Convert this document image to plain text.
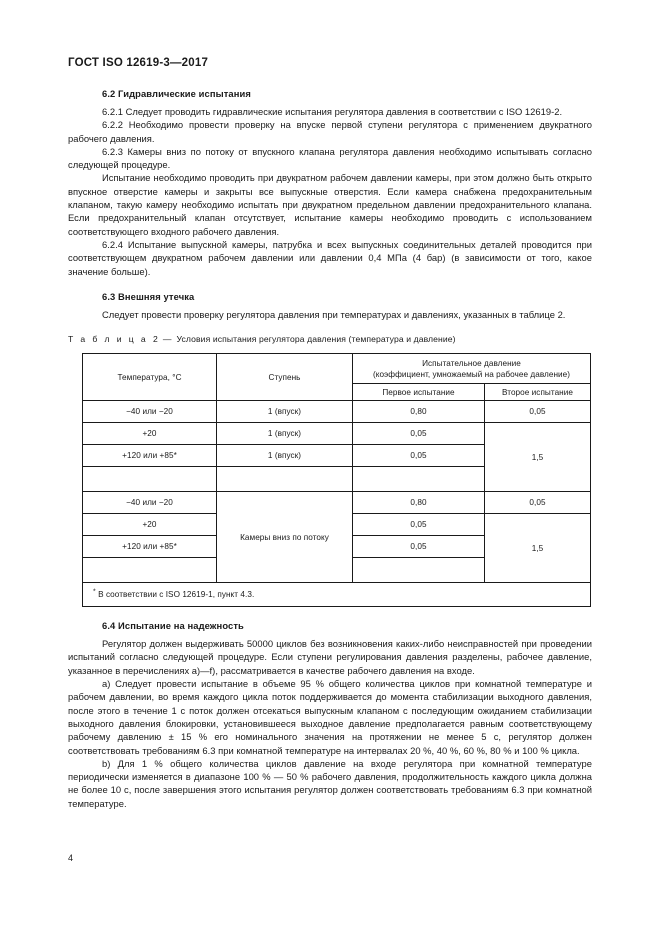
ГОСТ ISO 12619-3—2017
6.2 Гидравлические испытания

6.2.1 Следует проводить гидравлические испытания регулятора давления в соответствии с ISO 12619-2.

6.2.2 Необходимо провести проверку на впуске первой ступени регулятора с применением двукратного рабочего давления.

6.2.3 Камеры вниз по потоку от впускного клапана регулятора давления необходимо испытывать согласно следующей процедуре.

Испытание необходимо проводить при двукратном рабочем давлении камеры, при этом должно быть открыто впускное отверстие камеры и закрыты все выпускные отверстия. Если камера снабжена предохранительным клапаном, такую камеру необходимо испытать при двукратном предельном давлении предохранительного клапана. Если предохранительный клапан отсутствует, испытание камеры необходимо проводить с использованием соответствующего входного рабочего давления.

6.2.4 Испытание выпускной камеры, патрубка и всех выпускных соединительных деталей проводится при соответствующем двукратном рабочем давлении или давлении 0,4 МПа (4 бар) (в зависимости от того, какое значение больше).

6.3 Внешняя утечка

Следует провести проверку регулятора давления при температурах и давлениях, указанных в таблице 2.

Т а б л и ц а 2 — Условия испытания регулятора давления (температура и давление)

Температура, °C	Ступень	Испытательное давление
(коэффициент, умножаемый на рабочее давление)	
		Первое испытание	Второе испытание
−40 или −20	1 (впуск)	0,80	0,05
+20	1 (впуск)	0,05	1,5
+120 или +85*	1 (впуск)	0,05	

−40 или −20	Камеры вниз по потоку	0,80	0,05
+20		0,05	1,5
+120 или +85*		0,05	

* В соответствии с ISO 12619-1, пункт 4.3.			
6.4 Испытание на надежность

Регулятор должен выдерживать 50000 циклов без возникновения каких-либо неисправностей при проведении испытаний согласно следующей процедуре. Если ступени регулирования давления разделены, рабочее давление, указанное в перечислениях a)—f), рассматривается в качестве рабочего давления на входе.

a) Следует провести испытание в объеме 95 % общего количества циклов при комнатной температуре и рабочем давлении, во время каждого цикла поток поддерживается до момента стабилизации выходного давления, после этого в течение 1 с поток должен отсекаться выпускным клапаном с последующим ожиданием стабилизации выходного давления блокировки, установившееся выходное давление предполагается равным соответствующему рабочему давлению ± 15 % его номинального значения на протяжении не менее 5 с, регулятор должен соответствовать требованиям 6.3 при комнатной температуре на интервалах 20 %, 40 %, 60 %, 80 % и 100 % цикла.

b) Для 1 % общего количества циклов давление на входе регулятора при комнатной температуре периодически изменяется в диапазоне 100 % — 50 % рабочего давления, продолжительность каждого цикла должна не более 10 с, после завершения этого испытания регулятор должен соответствовать требованиям 6.3 при комнатной температуре.

4
